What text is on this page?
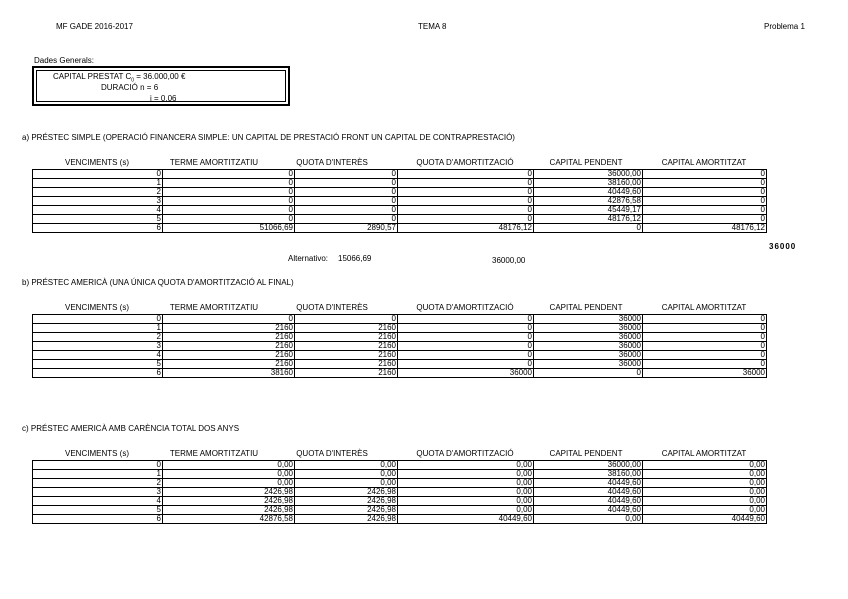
MF GADE 2016-2017	TEMA 8	Problema 1
Dades Generals:
CAPITAL PRESTAT $C_0 = 36.000,00$ €
DURACIÓ n = 6
i = 0,06
a) PRÉSTEC SIMPLE (OPERACIÓ FINANCERA SIMPLE: UN CAPITAL DE PRESTACIÓ FRONT UN CAPITAL DE CONTRAPRESTACIÓ)
VENCIMENTS (s)	TERME AMORTITZATIU	QUOTA D'INTERÈS	QUOTA D'AMORTITZACIÓ	CAPITAL PENDENT	CAPITAL AMORTITZAT
0	0	0	0	36000,00	0
1	0	0	0	38160,00	0
2	0	0	0	40449,60	0
3	0	0	0	42876,58	0
4	0	0	0	45449,17	0
5	0	0	0	48176,12	0
6	51066,69	2890,57	48176,12	0	48176,12
36000
Alternativo: 15066,69	36000,00
b) PRÉSTEC AMERICÀ (UNA ÚNICA QUOTA D'AMORTITZACIÓ AL FINAL)
VENCIMENTS (s)	TERME AMORTITZATIU	QUOTA D'INTERÈS	QUOTA D'AMORTITZACIÓ	CAPITAL PENDENT	CAPITAL AMORTITZAT
0	0	0	0	36000	0
1	2160	2160	0	36000	0
2	2160	2160	0	36000	0
3	2160	2160	0	36000	0
4	2160	2160	0	36000	0
5	2160	2160	0	36000	0
6	38160	2160	36000	0	36000
c) PRÉSTEC AMERICÀ AMB CARÈNCIA TOTAL DOS ANYS
VENCIMENTS (s)	TERME AMORTITZATIU	QUOTA D'INTERÈS	QUOTA D'AMORTITZACIÓ	CAPITAL PENDENT	CAPITAL AMORTITZAT
0	0,00	0,00	0,00	36000,00	0,00
1	0,00	0,00	0,00	38160,00	0,00
2	0,00	0,00	0,00	40449,60	0,00
3	2426,98	2426,98	0,00	40449,60	0,00
4	2426,98	2426,98	0,00	40449,60	0,00
5	2426,98	2426,98	0,00	40449,60	0,00
6	42876,58	2426,98	40449,60	0,00	40449,60
